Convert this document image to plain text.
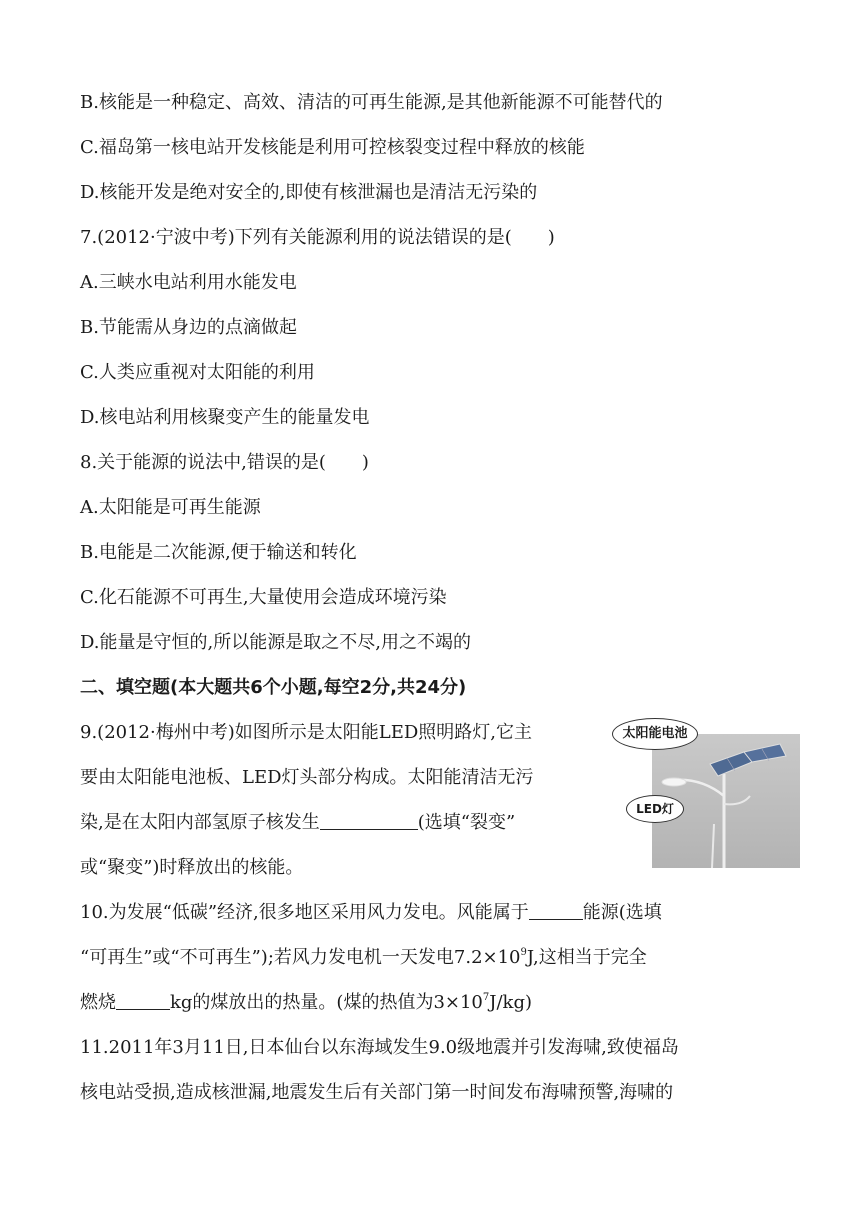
B.核能是一种稳定、高效、清洁的可再生能源,是其他新能源不可能替代的
C.福岛第一核电站开发核能是利用可控核裂变过程中释放的核能
D.核能开发是绝对安全的,即使有核泄漏也是清洁无污染的
7.(2012·宁波中考)下列有关能源利用的说法错误的是(　　)
A.三峡水电站利用水能发电
B.节能需从身边的点滴做起
C.人类应重视对太阳能的利用
D.核电站利用核聚变产生的能量发电
8.关于能源的说法中,错误的是(　　)
A.太阳能是可再生能源
B.电能是二次能源,便于输送和转化
C.化石能源不可再生,大量使用会造成环境污染
D.能量是守恒的,所以能源是取之不尽,用之不竭的
二、填空题(本大题共6个小题,每空2分,共24分)
9.(2012·梅州中考)如图所示是太阳能LED照明路灯,它主
要由太阳能电池板、LED灯头部分构成。太阳能清洁无污
染,是在太阳内部氢原子核发生	(选填“裂变”
或“聚变”)时释放出的核能。
太阳能电池
LED灯
10.为发展“低碳”经济,很多地区采用风力发电。风能属于	能源(选填
“可再生”或“不可再生”);若风力发电机一天发电$7.2\times 10^9J$,这相当于完全
燃烧	kg的煤放出的热量。(煤的热值为$3\times 10^7J/kg$)
11.2011年3月11日,日本仙台以东海域发生9.0级地震并引发海啸,致使福岛
核电站受损,造成核泄漏,地震发生后有关部门第一时间发布海啸预警,海啸的
